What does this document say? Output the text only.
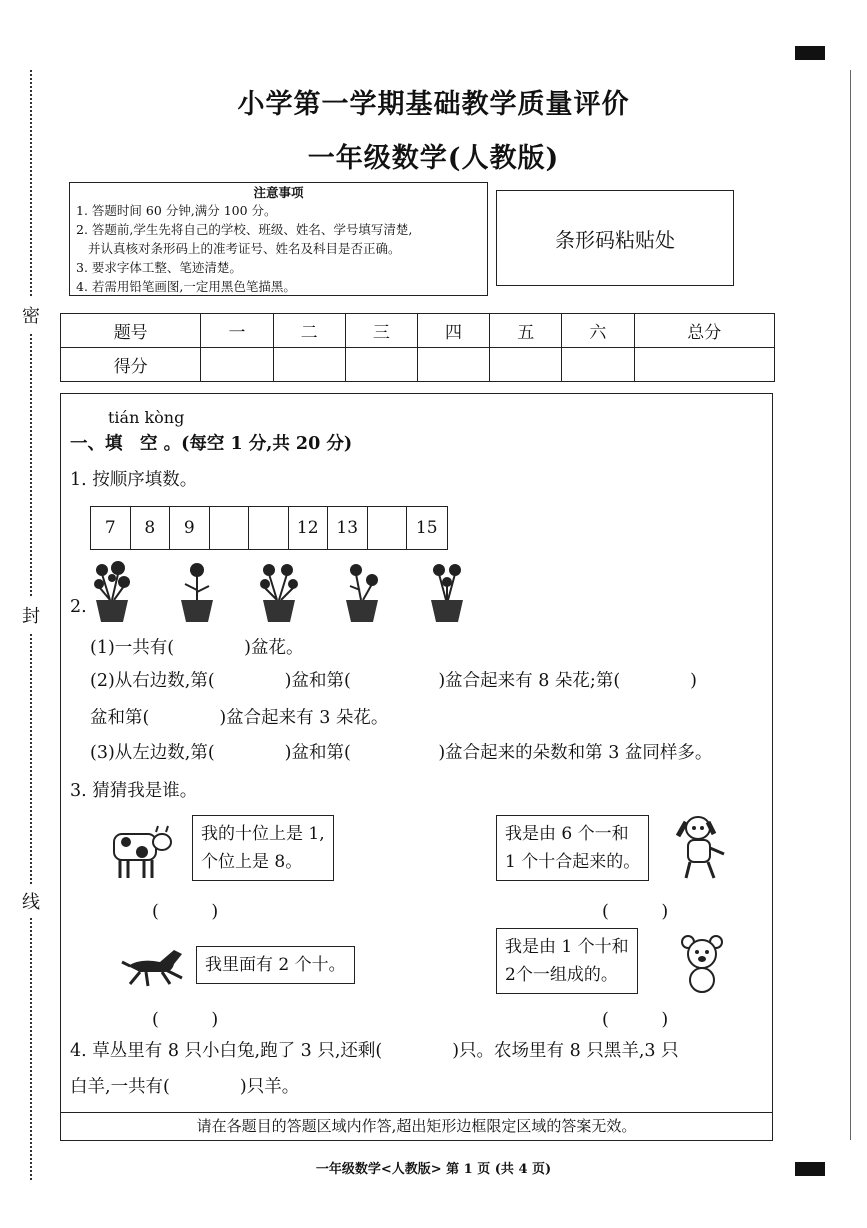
密
封
线
小学第一学期基础教学质量评价
一年级数学(人教版)
注意事项
1. 答题时间 60 分钟,满分 100 分。
2. 答题前,学生先将自己的学校、班级、姓名、学号填写清楚,
并认真核对条形码上的准考证号、姓名及科目是否正确。
3. 要求字体工整、笔迹清楚。
4. 若需用铅笔画图,一定用黑色笔描黑。
条形码粘贴处
题号	一	二	三	四	五	六	总分
得分							
tián kòng
一、填　空 。(每空 1 分,共 20 分)
1. 按顺序填数。
7	8	9	12	13	15
2.
(1)一共有(　　　　)盆花。
(2)从右边数,第(　　　　)盆和第(　　　　　)盆合起来有 8 朵花;第(　　　　)
盆和第(　　　　)盆合起来有 3 朵花。
(3)从左边数,第(　　　　)盆和第(　　　　　)盆合起来的朵数和第 3 盆同样多。
3. 猜猜我是谁。
我的十位上是 1,
个位上是 8。
(　　　)
我是由 6 个一和
1 个十合起来的。
(　　　)
我里面有 2 个十。
(　　　)
我是由 1 个十和
2个一组成的。
(　　　)
4. 草丛里有 8 只小白兔,跑了 3 只,还剩(　　　　)只。农场里有 8 只黑羊,3 只
白羊,一共有(　　　　)只羊。
请在各题目的答题区域内作答,超出矩形边框限定区域的答案无效。
一年级数学<人教版> 第 1 页 (共 4 页)
